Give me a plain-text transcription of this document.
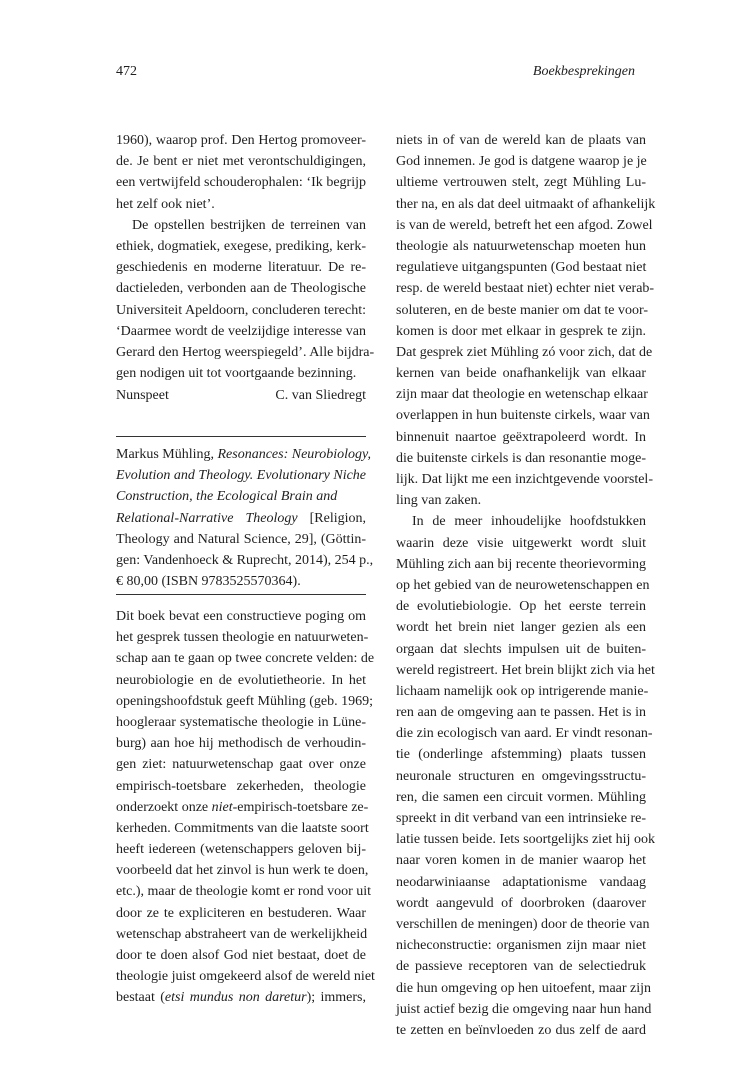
472	Boekbesprekingen
1960), waarop prof. Den Hertog promoveer-
de. Je bent er niet met verontschuldigingen,
een vertwijfeld schouderophalen: ‘Ik begrijp
het zelf ook niet’.
De opstellen bestrijken de terreinen van
ethiek, dogmatiek, exegese, prediking, kerk-
geschiedenis en moderne literatuur. De re-
dactieleden, verbonden aan de Theologische
Universiteit Apeldoorn, concluderen terecht:
‘Daarmee wordt de veelzijdige interesse van
Gerard den Hertog weerspiegeld’. Alle bijdra-
gen nodigen uit tot voortgaande bezinning.
Nunspeet	C. van Sliedregt
Markus Mühling, Resonances: Neurobiology,
Evolution and Theology. Evolutionary Niche
Construction, the Ecological Brain and
Relational-Narrative Theology [Religion,
Theology and Natural Science, 29], (Göttin-
gen: Vandenhoeck & Ruprecht, 2014), 254 p.,
€ 80,00 (ISBN 9783525570364).
Dit boek bevat een constructieve poging om
het gesprek tussen theologie en natuurweten-
schap aan te gaan op twee concrete velden: de
neurobiologie en de evolutietheorie. In het
openingshoofdstuk geeft Mühling (geb. 1969;
hoogleraar systematische theologie in Lüne-
burg) aan hoe hij methodisch de verhoudin-
gen ziet: natuurwetenschap gaat over onze
empirisch-toetsbare zekerheden, theologie
onderzoekt onze niet-empirisch-toetsbare ze-
kerheden. Commitments van die laatste soort
heeft iedereen (wetenschappers geloven bij-
voorbeeld dat het zinvol is hun werk te doen,
etc.), maar de theologie komt er rond voor uit
door ze te expliciteren en bestuderen. Waar
wetenschap abstraheert van de werkelijkheid
door te doen alsof God niet bestaat, doet de
theologie juist omgekeerd alsof de wereld niet
bestaat (etsi mundus non daretur); immers,
niets in of van de wereld kan de plaats van
God innemen. Je god is datgene waarop je je
ultieme vertrouwen stelt, zegt Mühling Lu-
ther na, en als dat deel uitmaakt of afhankelijk
is van de wereld, betreft het een afgod. Zowel
theologie als natuurwetenschap moeten hun
regulatieve uitgangspunten (God bestaat niet
resp. de wereld bestaat niet) echter niet verab-
soluteren, en de beste manier om dat te voor-
komen is door met elkaar in gesprek te zijn.
Dat gesprek ziet Mühling zó voor zich, dat de
kernen van beide onafhankelijk van elkaar
zijn maar dat theologie en wetenschap elkaar
overlappen in hun buitenste cirkels, waar van
binnenuit naartoe geëxtrapoleerd wordt. In
die buitenste cirkels is dan resonantie moge-
lijk. Dat lijkt me een inzichtgevende voorstel-
ling van zaken.
In de meer inhoudelijke hoofdstukken
waarin deze visie uitgewerkt wordt sluit
Mühling zich aan bij recente theorievorming
op het gebied van de neurowetenschappen en
de evolutiebiologie. Op het eerste terrein
wordt het brein niet langer gezien als een
orgaan dat slechts impulsen uit de buiten-
wereld registreert. Het brein blijkt zich via het
lichaam namelijk ook op intrigerende manie-
ren aan de omgeving aan te passen. Het is in
die zin ecologisch van aard. Er vindt resonan-
tie (onderlinge afstemming) plaats tussen
neuronale structuren en omgevingsstructu-
ren, die samen een circuit vormen. Mühling
spreekt in dit verband van een intrinsieke re-
latie tussen beide. Iets soortgelijks ziet hij ook
naar voren komen in de manier waarop het
neodarwiniaanse adaptationisme vandaag
wordt aangevuld of doorbroken (daarover
verschillen de meningen) door de theorie van
nicheconstructie: organismen zijn maar niet
de passieve receptoren van de selectiedruk
die hun omgeving op hen uitoefent, maar zijn
juist actief bezig die omgeving naar hun hand
te zetten en beïnvloeden zo dus zelf de aard
